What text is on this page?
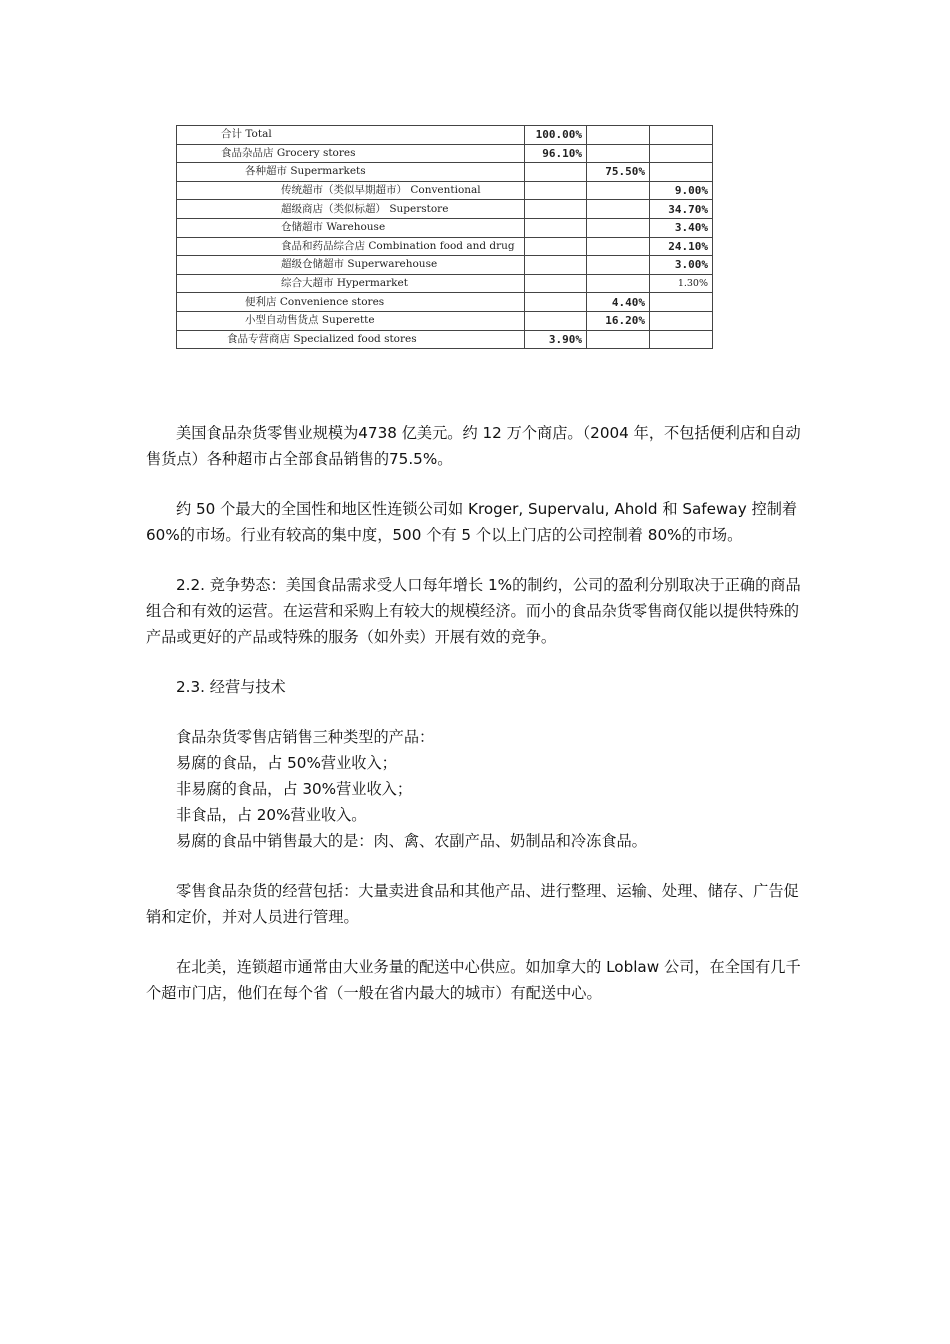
合计 Total	100.00%		
食品杂品店 Grocery stores	96.10%		
各种超市 Supermarkets		75.50%	
传统超市（类似早期超市） Conventional			9.00%
超级商店（类似标超） Superstore			34.70%
仓储超市 Warehouse			3.40%
食品和药品综合店 Combination food and drug			24.10%
超级仓储超市 Superwarehouse			3.00%
综合大超市 Hypermarket			1.30%
便利店 Convenience stores		4.40%	
小型自动售货点 Superette		16.20%	
食品专营商店 Specialized food stores	3.90%		

美国食品杂货零售业规模为4738 亿美元。约 12 万个商店。（2004 年，不包括便利店和自动售货点）各种超市占全部食品销售的75.5%。

约 50 个最大的全国性和地区性连锁公司如 Kroger, Supervalu, Ahold 和 Safeway 控制着60%的市场。行业有较高的集中度，500 个有 5 个以上门店的公司控制着 80%的市场。

2.2. 竞争势态：美国食品需求受人口每年增长 1%的制约，公司的盈利分别取决于正确的商品组合和有效的运营。在运营和采购上有较大的规模经济。而小的食品杂货零售商仅能以提供特殊的产品或更好的产品或特殊的服务（如外卖）开展有效的竞争。

2.3. 经营与技术

食品杂货零售店销售三种类型的产品：

易腐的食品，占 50%营业收入；

非易腐的食品，占 30%营业收入；

非食品，占 20%营业收入。

易腐的食品中销售最大的是：肉、禽、农副产品、奶制品和冷冻食品。

零售食品杂货的经营包括：大量卖进食品和其他产品、进行整理、运输、处理、储存、广告促销和定价，并对人员进行管理。

在北美，连锁超市通常由大业务量的配送中心供应。如加拿大的 Loblaw 公司，在全国有几千个超市门店，他们在每个省（一般在省内最大的城市）有配送中心。
